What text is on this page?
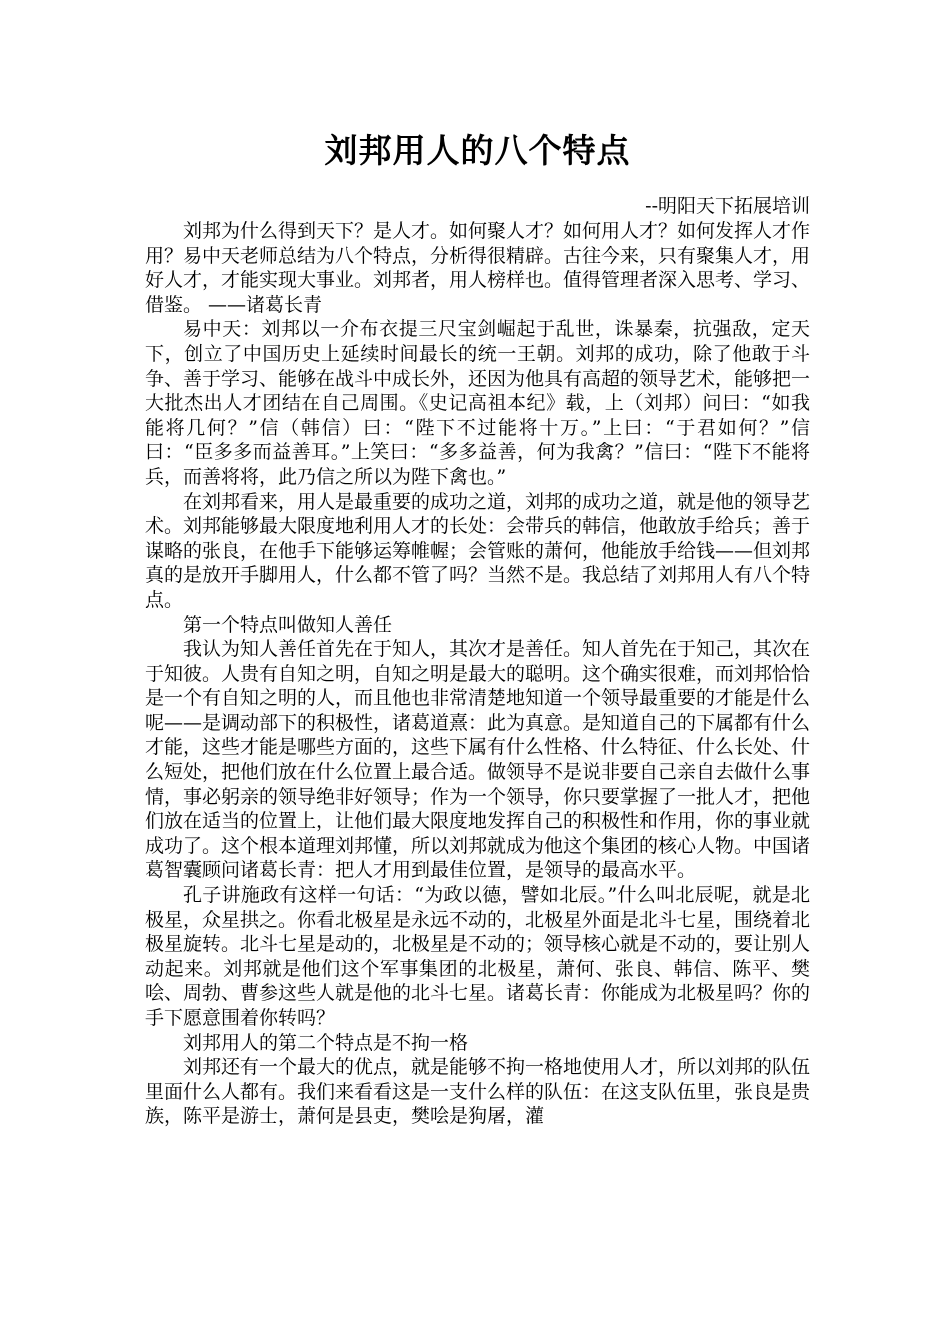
刘邦用人的八个特点
--明阳天下拓展培训

刘邦为什么得到天下？是人才。如何聚人才？如何用人才？如何发挥人才作用？易中天老师总结为八个特点，分析得很精辟。古往今来，只有聚集人才，用好人才，才能实现大事业。刘邦者，用人榜样也。值得管理者深入思考、学习、借鉴。 ——诸葛长青

易中天：刘邦以一介布衣提三尺宝剑崛起于乱世，诛暴秦，抗强敌，定天下，创立了中国历史上延续时间最长的统一王朝。刘邦的成功，除了他敢于斗争、善于学习、能够在战斗中成长外，还因为他具有高超的领导艺术，能够把一大批杰出人才团结在自己周围。《史记高祖本纪》载，上（刘邦）问曰：“如我能将几何？”信（韩信）曰：“陛下不过能将十万。”上曰：“于君如何？”信曰：“臣多多而益善耳。”上笑曰：“多多益善，何为我禽？”信曰：“陛下不能将兵，而善将将，此乃信之所以为陛下禽也。”

在刘邦看来，用人是最重要的成功之道，刘邦的成功之道，就是他的领导艺术。刘邦能够最大限度地利用人才的长处：会带兵的韩信，他敢放手给兵；善于谋略的张良，在他手下能够运筹帷幄；会管账的萧何，他能放手给钱——但刘邦真的是放开手脚用人，什么都不管了吗？当然不是。我总结了刘邦用人有八个特点。

第一个特点叫做知人善任

我认为知人善任首先在于知人，其次才是善任。知人首先在于知己，其次在于知彼。人贵有自知之明，自知之明是最大的聪明。这个确实很难，而刘邦恰恰是一个有自知之明的人，而且他也非常清楚地知道一个领导最重要的才能是什么呢——是调动部下的积极性，诸葛道熹：此为真意。是知道自己的下属都有什么才能，这些才能是哪些方面的，这些下属有什么性格、什么特征、什么长处、什么短处，把他们放在什么位置上最合适。做领导不是说非要自己亲自去做什么事情，事必躬亲的领导绝非好领导；作为一个领导，你只要掌握了一批人才，把他们放在适当的位置上，让他们最大限度地发挥自己的积极性和作用，你的事业就成功了。这个根本道理刘邦懂，所以刘邦就成为他这个集团的核心人物。中国诸葛智囊顾问诸葛长青：把人才用到最佳位置，是领导的最高水平。

孔子讲施政有这样一句话：“为政以德，譬如北辰。”什么叫北辰呢，就是北极星，众星拱之。你看北极星是永远不动的，北极星外面是北斗七星，围绕着北极星旋转。北斗七星是动的，北极星是不动的；领导核心就是不动的，要让别人动起来。刘邦就是他们这个军事集团的北极星，萧何、张良、韩信、陈平、樊哙、周勃、曹参这些人就是他的北斗七星。诸葛长青：你能成为北极星吗？你的手下愿意围着你转吗？

刘邦用人的第二个特点是不拘一格

刘邦还有一个最大的优点，就是能够不拘一格地使用人才，所以刘邦的队伍里面什么人都有。我们来看看这是一支什么样的队伍：在这支队伍里，张良是贵族，陈平是游士，萧何是县吏，樊哙是狗屠，灌
